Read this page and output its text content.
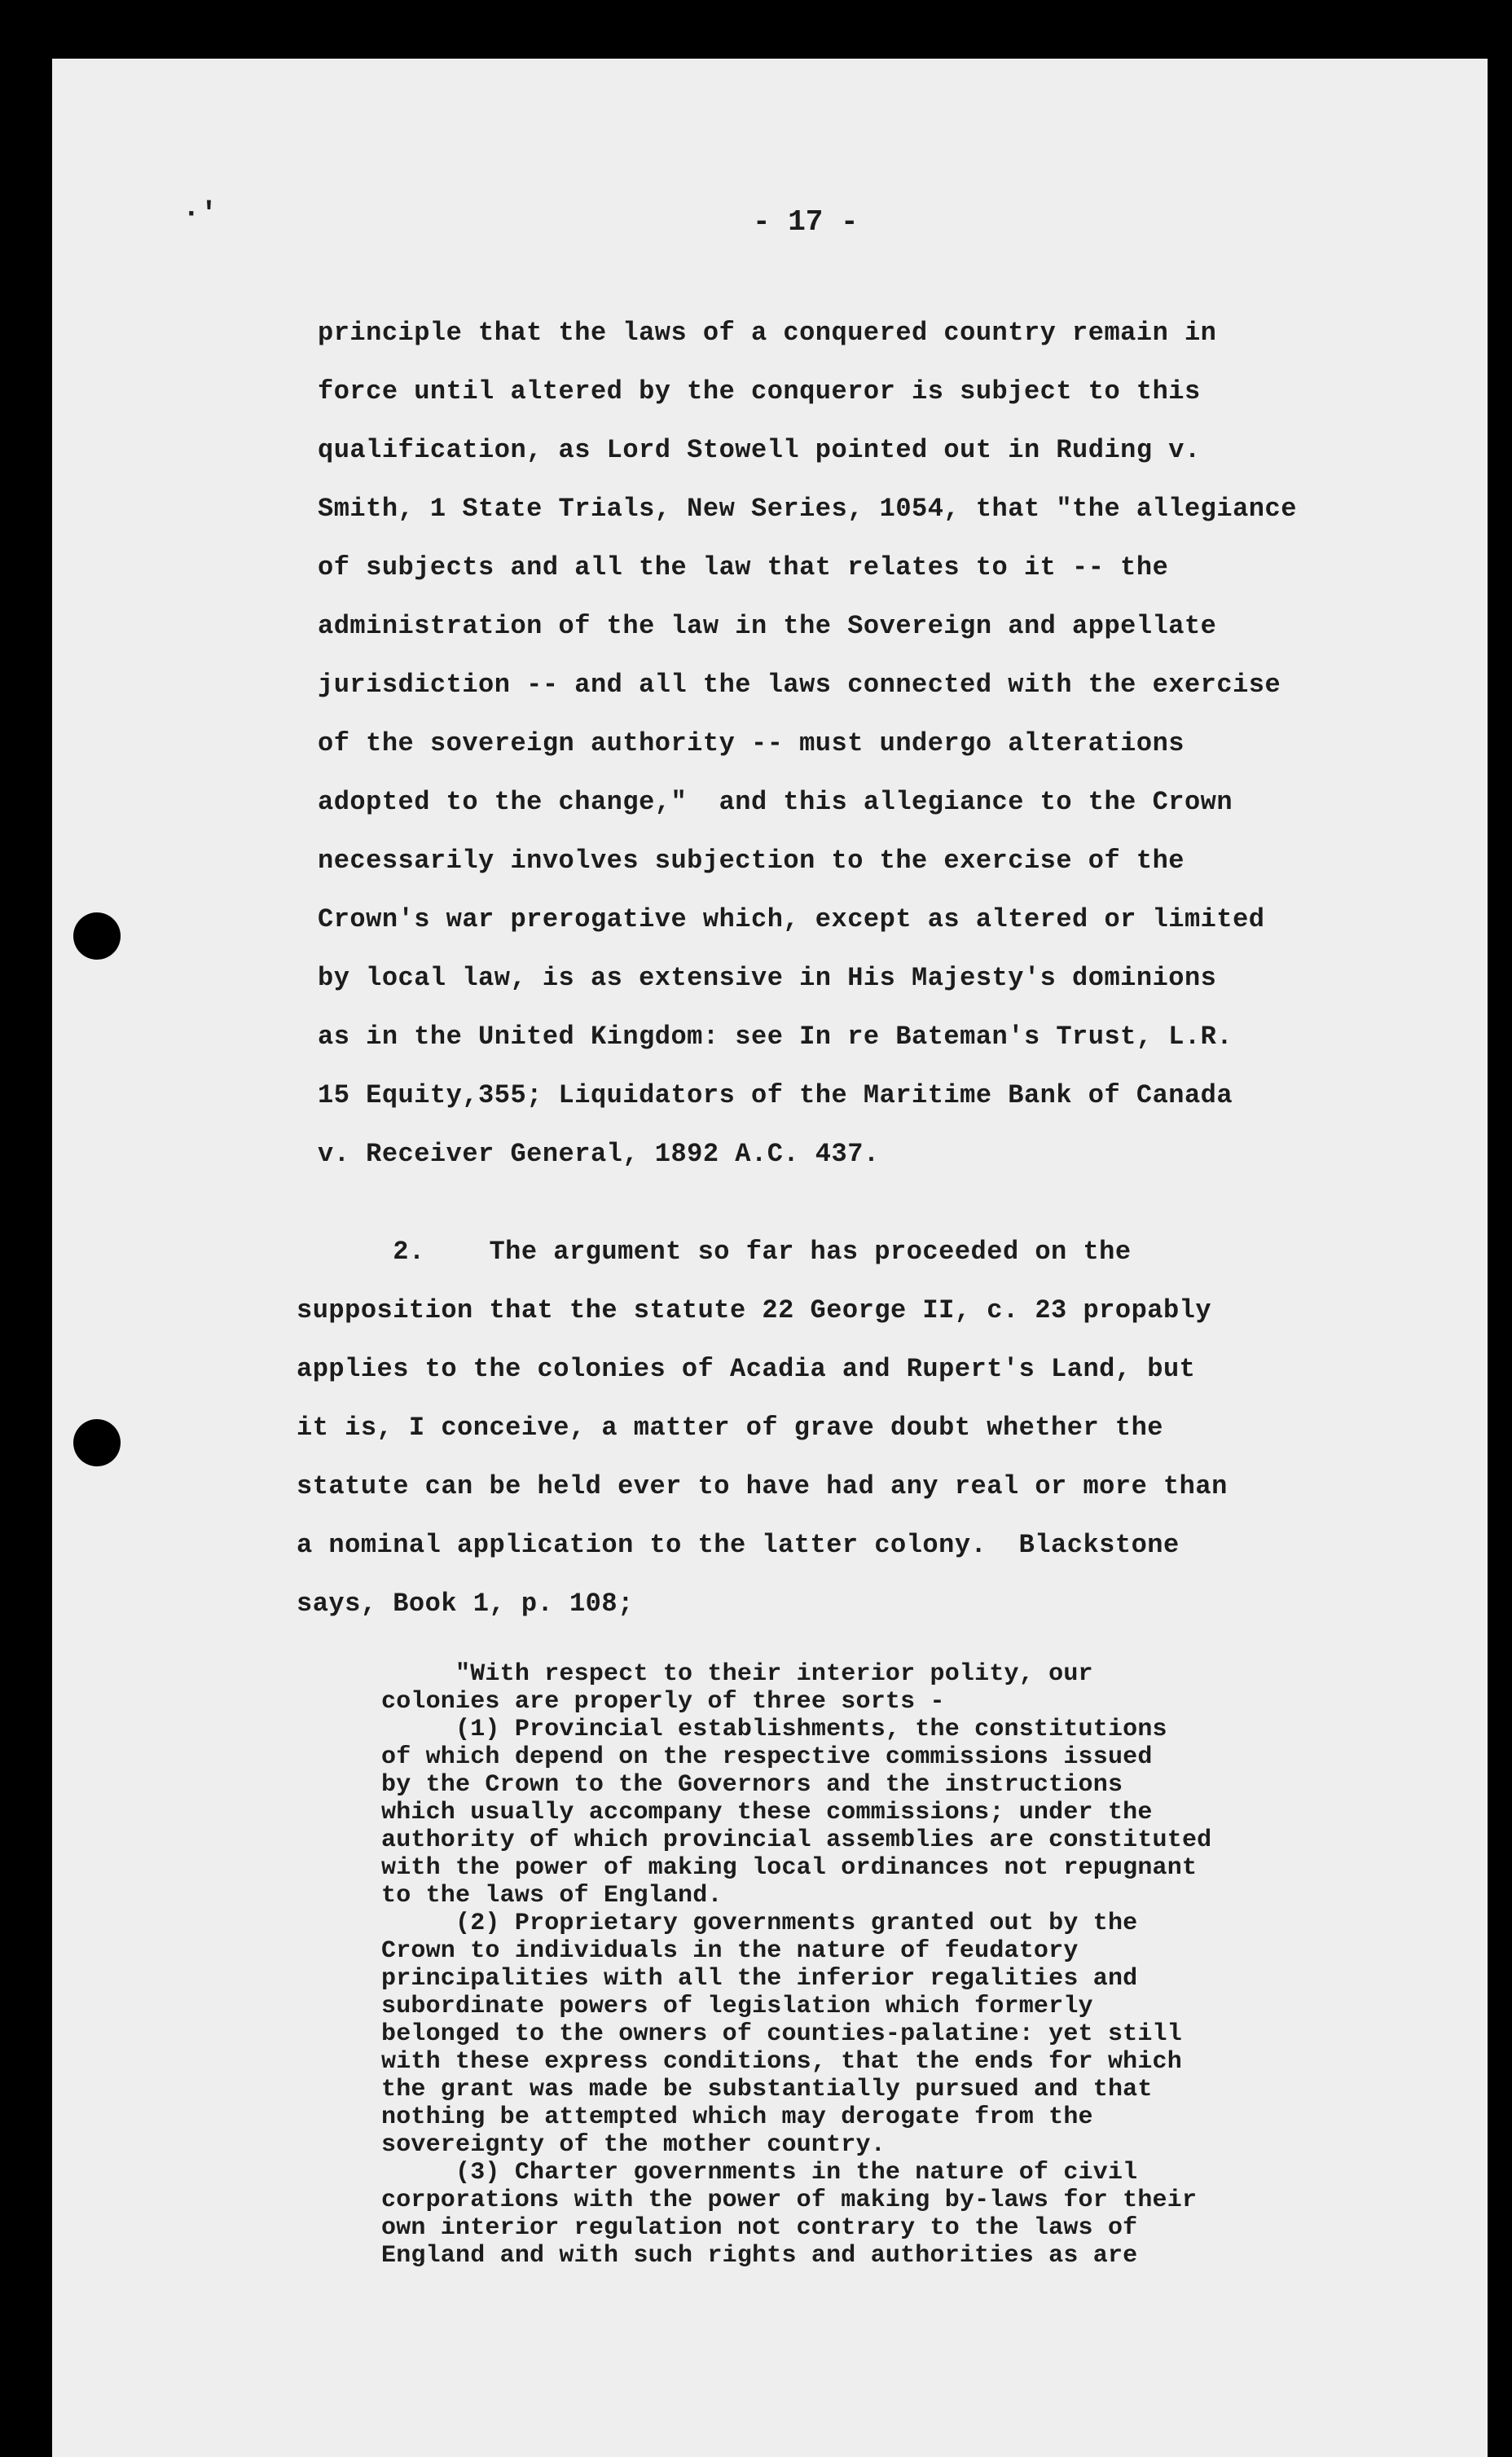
·'	- 17 -

principle that the laws of a conquered country remain in

force until altered by the conqueror is subject to this

qualification, as Lord Stowell pointed out in Ruding v.

Smith, 1 State Trials, New Series, 1054, that "the allegiance

of subjects and all the law that relates to it -- the

administration of the law in the Sovereign and appellate

jurisdiction -- and all the laws connected with the exercise

of the sovereign authority -- must undergo alterations

adopted to the change,"  and this allegiance to the Crown

necessarily involves subjection to the exercise of the

Crown's war prerogative which, except as altered or limited

by local law, is as extensive in His Majesty's dominions

as in the United Kingdom: see In re Bateman's Trust, L.R.

15 Equity,355; Liquidators of the Maritime Bank of Canada

v. Receiver General, 1892 A.C. 437.

2.    The argument so far has proceeded on the

supposition that the statute 22 George II, c. 23 propably

applies to the colonies of Acadia and Rupert's Land, but

it is, I conceive, a matter of grave doubt whether the

statute can be held ever to have had any real or more than

a nominal application to the latter colony.  Blackstone

says, Book 1, p. 108;

"With respect to their interior polity, our

colonies are properly of three sorts -

(1) Provincial establishments, the constitutions

of which depend on the respective commissions issued

by the Crown to the Governors and the instructions

which usually accompany these commissions; under the

authority of which provincial assemblies are constituted

with the power of making local ordinances not repugnant

to the laws of England.

(2) Proprietary governments granted out by the

Crown to individuals in the nature of feudatory

principalities with all the inferior regalities and

subordinate powers of legislation which formerly

belonged to the owners of counties-palatine: yet still

with these express conditions, that the ends for which

the grant was made be substantially pursued and that

nothing be attempted which may derogate from the

sovereignty of the mother country.

(3) Charter governments in the nature of civil

corporations with the power of making by-laws for their

own interior regulation not contrary to the laws of

England and with such rights and authorities as are
